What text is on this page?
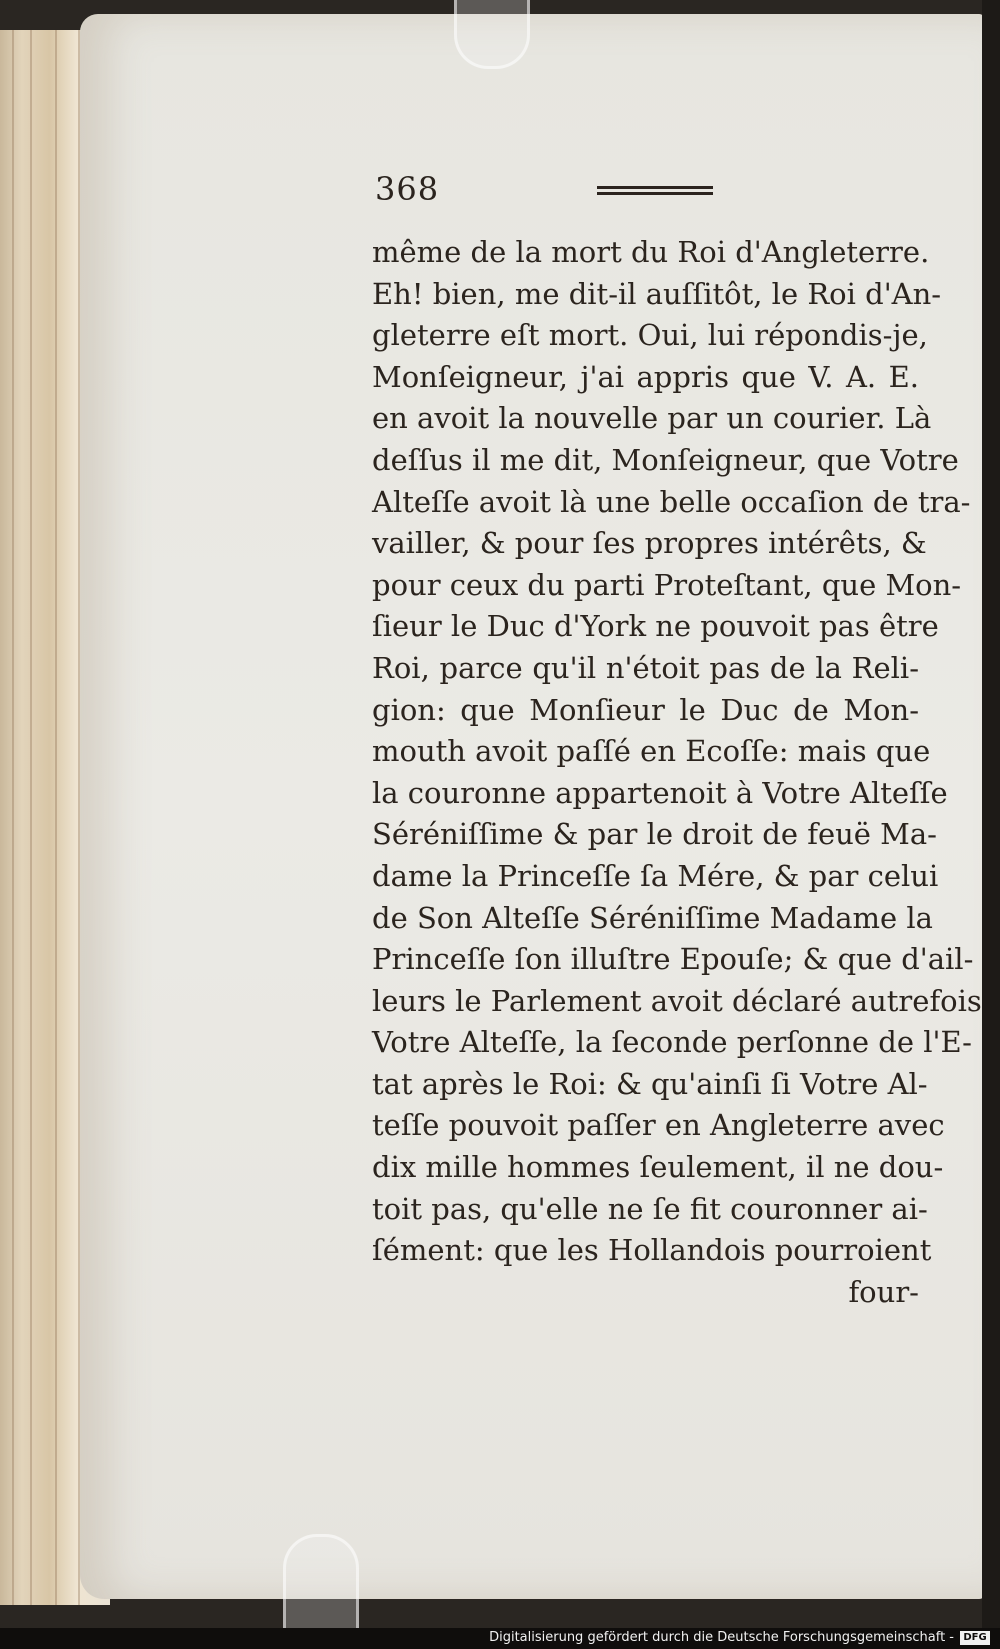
368
même de la mort du Roi d'Angleterre.
Eh! bien, me dit-il auſſitôt, le Roi d'An-
gleterre eſt mort. Oui, lui répondis-je,
Monſeigneur, j'ai appris que V. A. E.
en avoit la nouvelle par un courier. Là
deſſus il me dit, Monſeigneur, que Votre
Alteſſe avoit là une belle occaſion de tra-
vailler, & pour ſes propres intérêts, &
pour ceux du parti Proteſtant, que Mon-
ſieur le Duc d'York ne pouvoit pas être
Roi, parce qu'il n'étoit pas de la Reli-
gion: que Monſieur le Duc de Mon-
mouth avoit paſſé en Ecoſſe: mais que
la couronne appartenoit à Votre Alteſſe
Séréniſſime & par le droit de feuë Ma-
dame la Princeſſe ſa Mére, & par celui
de Son Alteſſe Séréniſſime Madame la
Princeſſe ſon illuſtre Epouſe; & que d'ail-
leurs le Parlement avoit déclaré autrefois
Votre Alteſſe, la ſeconde perſonne de l'E-
tat après le Roi: & qu'ainſi ſi Votre Al-
teſſe pouvoit paſſer en Angleterre avec
dix mille hommes ſeulement, il ne dou-
toit pas, qu'elle ne ſe fit couronner ai-
ſément: que les Hollandois pourroient
four-
Digitalisierung gefördert durch die Deutsche Forschungsgemeinschaft - DFG
